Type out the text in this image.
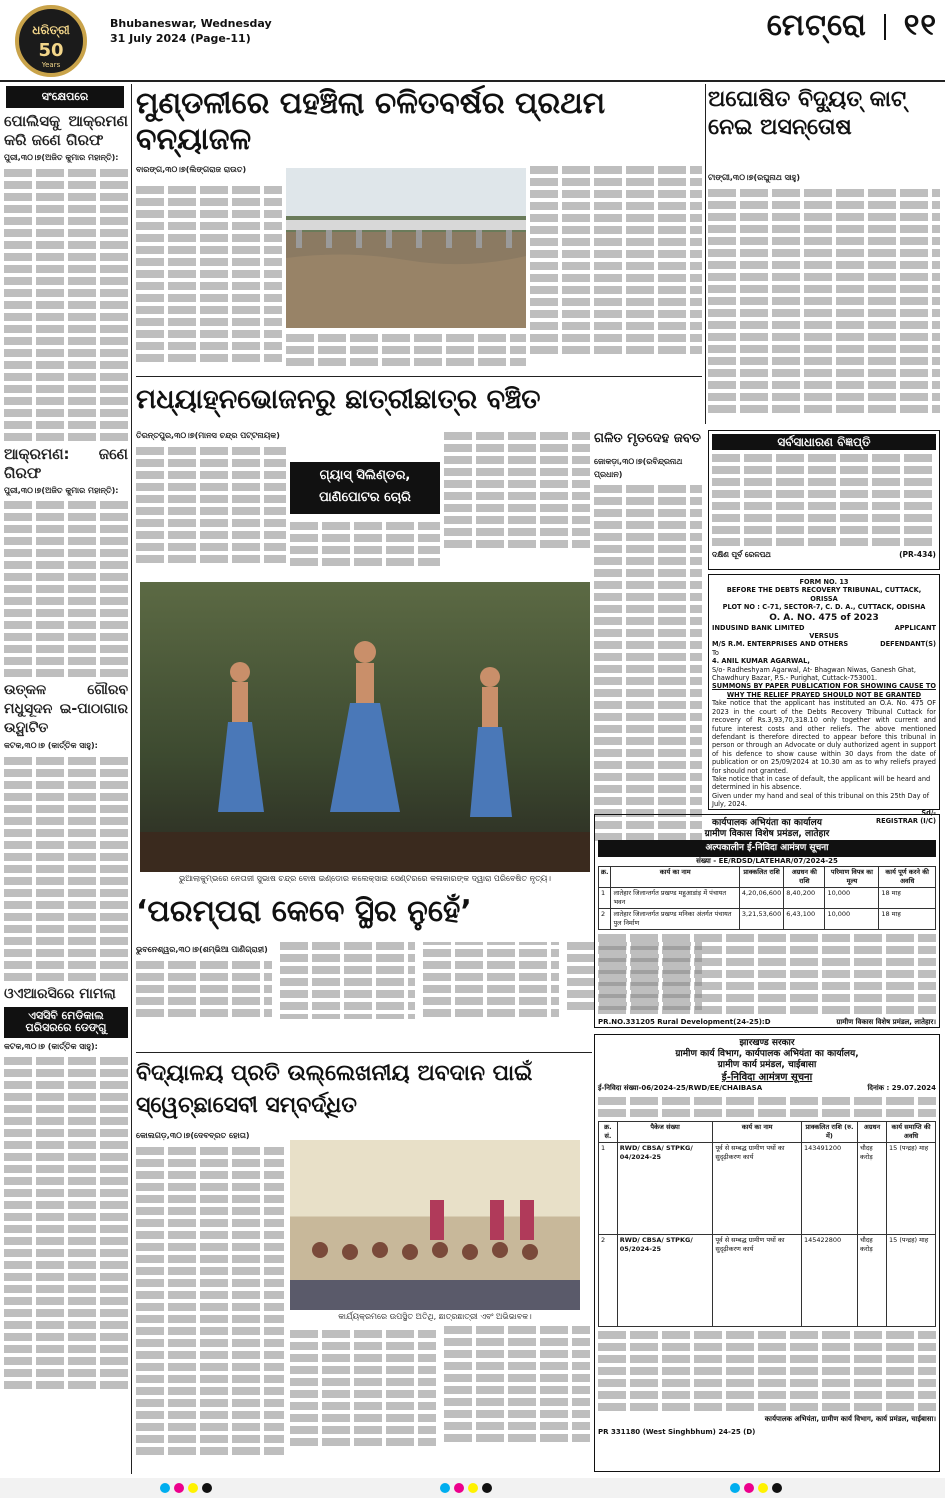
ଧରିତ୍ରୀ
50
Years
Bhubaneswar, Wednesday
31 July 2024 (Page-11)	ମେଟ୍ରୋ ୧୧
ସଂକ୍ଷେପରେ
ପୋଲିସକୁ ଆକ୍ରମଣ କରି ଜଣେ ଗିରଫ
ପୁରୀ,୩୦।୭(ଅଜିତ କୁମାର ମହାନ୍ତି):
ଆକ୍ରମଣ: ଜଣେ ଗିରଫ
ପୁରୀ,୩୦।୭(ଅଜିତ କୁମାର ମହାନ୍ତି):
ଉତ୍କଳ ଗୌରବ ମଧୁସୂଦନ ଇ-ପାଠାଗାର ଉଦ୍ଘାଟିତ
କଟକ,୩୦।୭ (କାର୍ତ୍ତିକ ସାହୁ):
ଓଏଆରସିରେ ମାମଲା
ଏସସିବି ମେଡିକାଲ ପରିସରରେ ଡେଙ୍ଗୁ
କଟକ,୩୦।୭ (କାର୍ତ୍ତିକ ସାହୁ):
ମୁଣ୍ଡଳୀରେ ପହଞ୍ଚିଲା ଚଳିତବର୍ଷର ପ୍ରଥମ ବନ୍ୟାଜଳ
ଅଘୋଷିତ ବିଦ୍ୟୁତ୍ କାଟ୍ ନେଇ ଅସନ୍ତୋଷ
ଟାଙ୍ଗୀ,୩୦।୭(ରଘୁନାଥ ସାହୁ)
ବାରଙ୍ଗ,୩୦।୭(ଲିଙ୍ଗରାଜ ରାଉତ)
ମଧ୍ୟାହ୍ନଭୋଜନରୁ ଛାତ୍ରୀଛାତ୍ର ବଞ୍ଚିତ
ତିରନ୍ତପୁର,୩୦।୭(ମାନସ ଚନ୍ଦ୍ର ପଟ୍ଟନାୟକ)
ଗ୍ୟାସ୍ ସିଲିଣ୍ଡର, ପାଣିପୋଟର ଚୋରି
ଗଳିତ ମୃତଦେହ ଜବତ
ଜୋକଡ଼ା,୩୦।୭(ରବିନ୍ଦ୍ରନାଥ ପ୍ରଧାନ)
ଭୁଆଲାକୁମ୍ଭରେ ନେତାଜୀ ସୁଭାଷ ଚନ୍ଦ୍ର ବୋଷ ଇଣ୍ଡୋର କଲେକ୍ସାଇ ସେଣ୍ଟରରେ କଳାକାରଙ୍କ ଦ୍ୱାରା ପରିବେଷିତ ନୃତ୍ୟ।
‘ପରମ୍ପରା କେବେ ସ୍ଥିର ନୁହେଁ’
ଭୁବନେଶ୍ୱର,୩୦।୭(ଶମ୍ଭିଆ ପାଣିଗ୍ରାହୀ)
ବିଦ୍ୟାଳୟ ପ୍ରତି ଉଲ୍ଲେଖନୀୟ ଅବଦାନ ପାଇଁ ସ୍ୱେଚ୍ଛାସେବୀ ସମ୍ବର୍ଦ୍ଧିତ
କୋଲଗଡ଼,୩୦।୭(ଦେବବ୍ରତ ହୋତା)
କାର୍ଯ୍ୟକ୍ରମରେ ଉପସ୍ଥିତ ଅତିଥି, ଛାତ୍ରଛାତ୍ରୀ ଏବଂ ଅଭିଭାବକ।
ସର୍ବସାଧାରଣ ବିଜ୍ଞପ୍ତି
ଦକ୍ଷିଣ ପୂର୍ବ ରେଳପଥ	(PR-434)
FORM NO. 13
BEFORE THE DEBTS RECOVERY TRIBUNAL, CUTTACK, ORISSA
PLOT NO : C-71, SECTOR-7, C. D. A., CUTTACK, ODISHA
O. A. NO. 475 of 2023
INDUSIND BANK LIMITED	APPLICANT
VERSUS
M/S R.M. ENTERPRISES AND OTHERS	DEFENDANT(S)
To
4. ANIL KUMAR AGARWAL,
S/o- Radheshyam Agarwal, At- Bhagwan Niwas, Ganesh Ghat, Chawdhury Bazar, P.S.- Purighat, Cuttack-753001.
SUMMONS BY PAPER PUBLICATION FOR SHOWING CAUSE TO WHY THE RELIEF PRAYED SHOULD NOT BE GRANTED
Take notice that the applicant has instituted an O.A. No. 475 OF 2023 in the court of the Debts Recovery Tribunal Cuttack for recovery of Rs.3,93,70,318.10 only together with current and future interest costs and other reliefs. The above mentioned defendant is therefore directed to appear before this tribunal in person or through an Advocate or duly authorized agent in support of his defence to show cause within 30 days from the date of publication or on 25/09/2024 at 10.30 am as to why reliefs prayed for should not granted.
Take notice that in case of default, the applicant will be heard and determined in his absence.
Given under my hand and seal of this tribunal on this 25th Day of July, 2024.
Sd/-
REGISTRAR (I/C)
कार्यपालक अभियंता का कार्यालय
ग्रामीण विकास विशेष प्रमंडल, लातेहार
अल्पकालीन ई-निविदा आमंत्रण सूचना
संख्या - EE/RDSD/LATEHAR/07/2024-25
क्र.	कार्य का नाम	प्राक्कलित राशि	अग्रधन की राशि	परिमाण विपत्र का मूल्य	कार्य पूर्ण करने की अवधि
1	लातेहार जिलान्तर्गत प्रखण्ड महुआडांड़ में पंचायत भवन	4,20,06,600	8,40,200	10,000	18 माह
2	लातेहार जिलान्तर्गत प्रखण्ड मनिका अंतर्गत पंचायत पुल निर्माण	3,21,53,600	6,43,100	10,000	18 माह
PR.NO.331205 Rural Development(24-25):D	ग्रामीण विकास विशेष प्रमंडल, लातेहार।
झारखण्ड सरकार
ग्रामीण कार्य विभाग, कार्यपालक अभियंता का कार्यालय,
ग्रामीण कार्य प्रमंडल, चाईबासा
ई-निविदा आमंत्रण सूचना
ई-निविदा संख्या-06/2024-25/RWD/EE/CHAIBASA	दिनांक : 29.07.2024
क्र. सं.	पैकेज संख्या	कार्य का नाम	प्राक्कलित राशि (रु. में)	अग्रधन	कार्य समाप्ति की अवधि
1	RWD/ CBSA/ STPKG/ 04/2024-25	पूर्व से सम्बद्ध ग्रामीण पथों का सुदृढ़ीकरण कार्य	143491200	चौदह करोड़	15 (पन्द्रह) माह
2	RWD/ CBSA/ STPKG/ 05/2024-25	पूर्व से सम्बद्ध ग्रामीण पथों का सुदृढ़ीकरण कार्य	145422800	चौदह करोड़	15 (पन्द्रह) माह
कार्यपालक अभियंता, ग्रामीण कार्य विभाग, कार्य प्रमंडल, चाईबासा।
PR 331180 (West Singhbhum) 24-25 (D)
